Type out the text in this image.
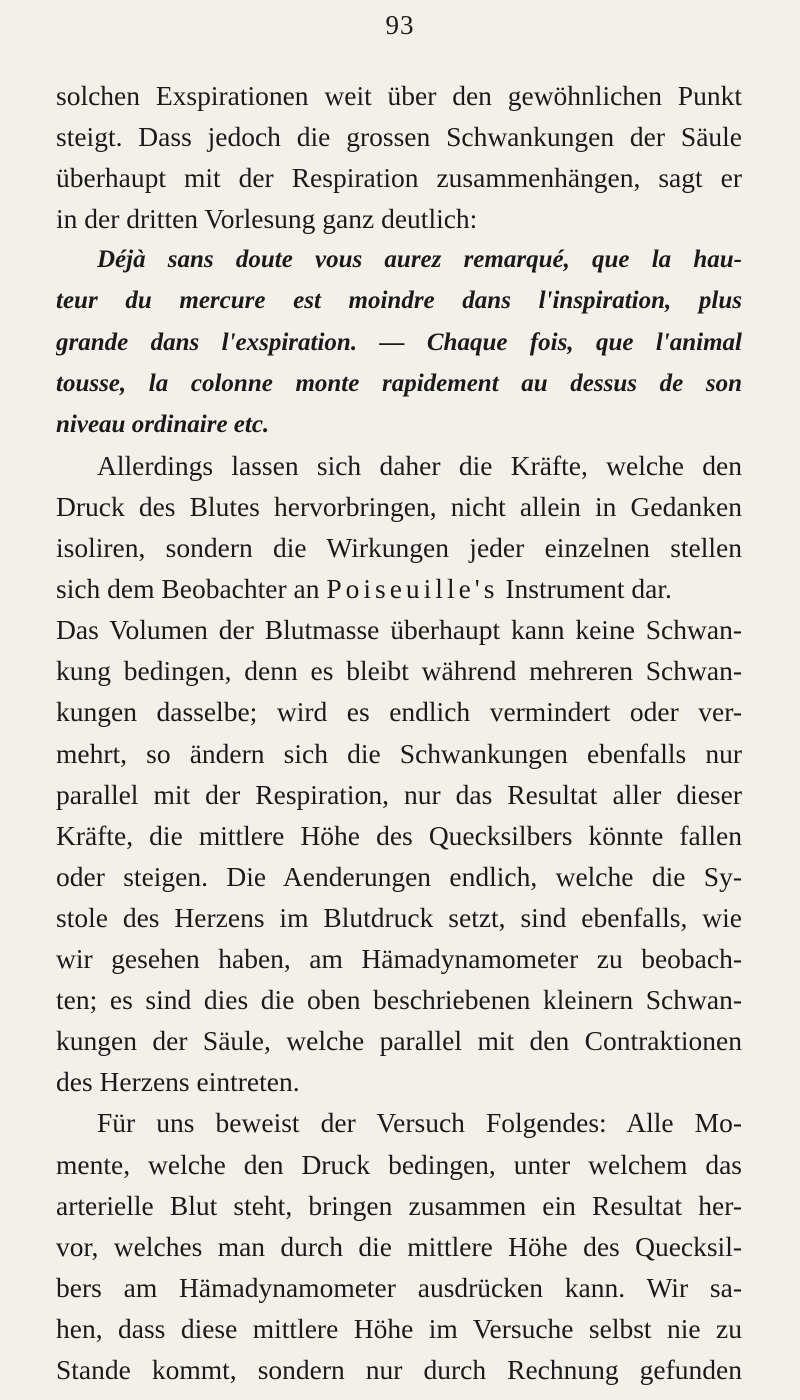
93
solchen Exspirationen weit über den gewöhnlichen Punkt
steigt. Dass jedoch die grossen Schwankungen der Säule
überhaupt mit der Respiration zusammenhängen, sagt er
in der dritten Vorlesung ganz deutlich:
Déjà sans doute vous aurez remarqué, que la hau-
teur du mercure est moindre dans l'inspiration, plus
grande dans l'exspiration. — Chaque fois, que l'animal
tousse, la colonne monte rapidement au dessus de son
niveau ordinaire etc.
Allerdings lassen sich daher die Kräfte, welche den
Druck des Blutes hervorbringen, nicht allein in Gedanken
isoliren, sondern die Wirkungen jeder einzelnen stellen
sich dem Beobachter an Poiseuille's Instrument dar.
Das Volumen der Blutmasse überhaupt kann keine Schwan-
kung bedingen, denn es bleibt während mehreren Schwan-
kungen dasselbe; wird es endlich vermindert oder ver-
mehrt, so ändern sich die Schwankungen ebenfalls nur
parallel mit der Respiration, nur das Resultat aller dieser
Kräfte, die mittlere Höhe des Quecksilbers könnte fallen
oder steigen. Die Aenderungen endlich, welche die Sy-
stole des Herzens im Blutdruck setzt, sind ebenfalls, wie
wir gesehen haben, am Hämadynamometer zu beobach-
ten; es sind dies die oben beschriebenen kleinern Schwan-
kungen der Säule, welche parallel mit den Contraktionen
des Herzens eintreten.
Für uns beweist der Versuch Folgendes: Alle Mo-
mente, welche den Druck bedingen, unter welchem das
arterielle Blut steht, bringen zusammen ein Resultat her-
vor, welches man durch die mittlere Höhe des Quecksil-
bers am Hämadynamometer ausdrücken kann. Wir sa-
hen, dass diese mittlere Höhe im Versuche selbst nie zu
Stande kommt, sondern nur durch Rechnung gefunden
